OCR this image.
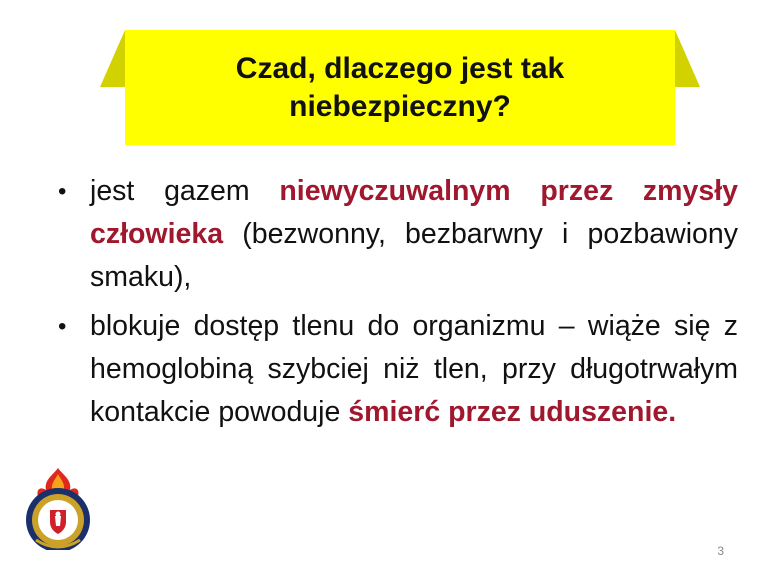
Czad, dlaczego jest tak
niebezpieczny?
• jest gazem niewyczuwalnym przez zmysły człowieka (bezwonny, bezbarwny i pozbawiony smaku),
• blokuje dostęp tlenu do organizmu – wiąże się z hemoglobiną szybciej niż tlen, przy długotrwałym kontakcie powoduje śmierć przez uduszenie.
3
